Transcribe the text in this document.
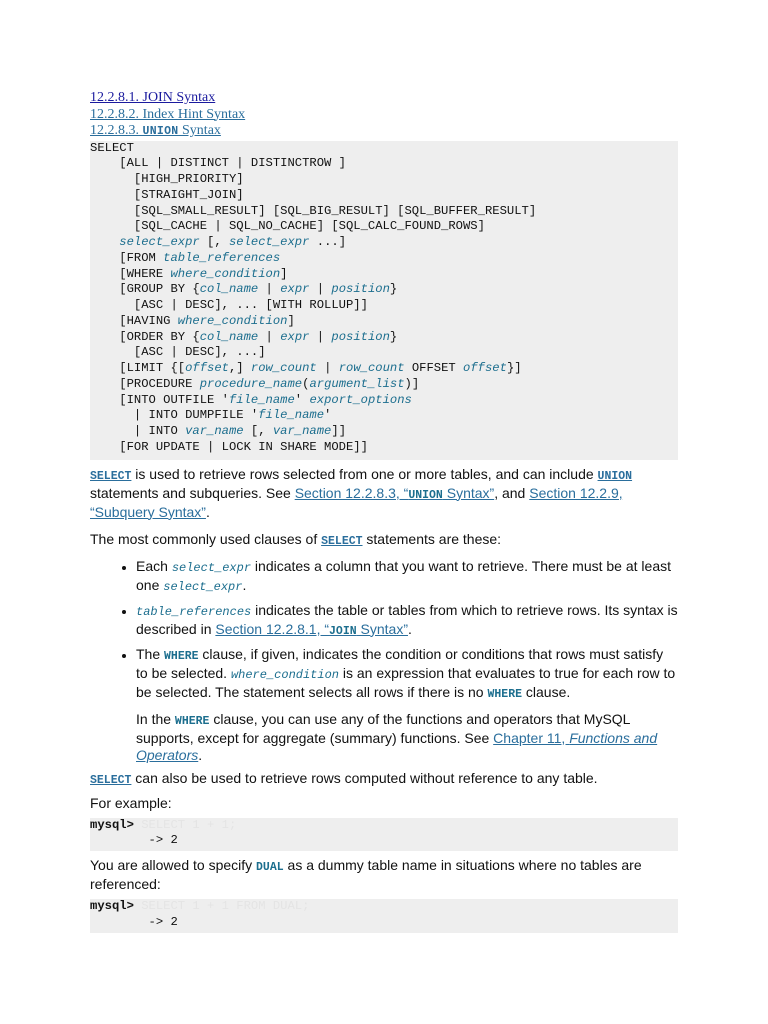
12.2.8.1. JOIN Syntax
12.2.8.2. Index Hint Syntax
12.2.8.3. UNION Syntax
SELECT
[ALL | DISTINCT | DISTINCTROW ]
[HIGH_PRIORITY]
[STRAIGHT_JOIN]
[SQL_SMALL_RESULT] [SQL_BIG_RESULT] [SQL_BUFFER_RESULT]
[SQL_CACHE | SQL_NO_CACHE] [SQL_CALC_FOUND_ROWS]
select_expr [, select_expr ...]
[FROM table_references
[WHERE where_condition]
[GROUP BY {col_name | expr | position}
[ASC | DESC], ... [WITH ROLLUP]]
[HAVING where_condition]
[ORDER BY {col_name | expr | position}
[ASC | DESC], ...]
[LIMIT {[offset,] row_count | row_count OFFSET offset}]
[PROCEDURE procedure_name(argument_list)]
[INTO OUTFILE 'file_name' export_options
| INTO DUMPFILE 'file_name'
| INTO var_name [, var_name]]
[FOR UPDATE | LOCK IN SHARE MODE]]

SELECT is used to retrieve rows selected from one or more tables, and can include UNION statements and subqueries. See Section 12.2.8.3, “UNION Syntax”, and Section 12.2.9, “Subquery Syntax”.

The most commonly used clauses of SELECT statements are these:

• Each select_expr indicates a column that you want to retrieve. There must be at least one select_expr.
• table_references indicates the table or tables from which to retrieve rows. Its syntax is described in Section 12.2.8.1, “JOIN Syntax”.
• The WHERE clause, if given, indicates the condition or conditions that rows must satisfy to be selected. where_condition is an expression that evaluates to true for each row to be selected. The statement selects all rows if there is no WHERE clause.

In the WHERE clause, you can use any of the functions and operators that MySQL supports, except for aggregate (summary) functions. See Chapter 11, Functions and Operators.

SELECT can also be used to retrieve rows computed without reference to any table.

For example:

mysql> SELECT 1 + 1;
-> 2

You are allowed to specify DUAL as a dummy table name in situations where no tables are referenced:

mysql> SELECT 1 + 1 FROM DUAL;
-> 2
